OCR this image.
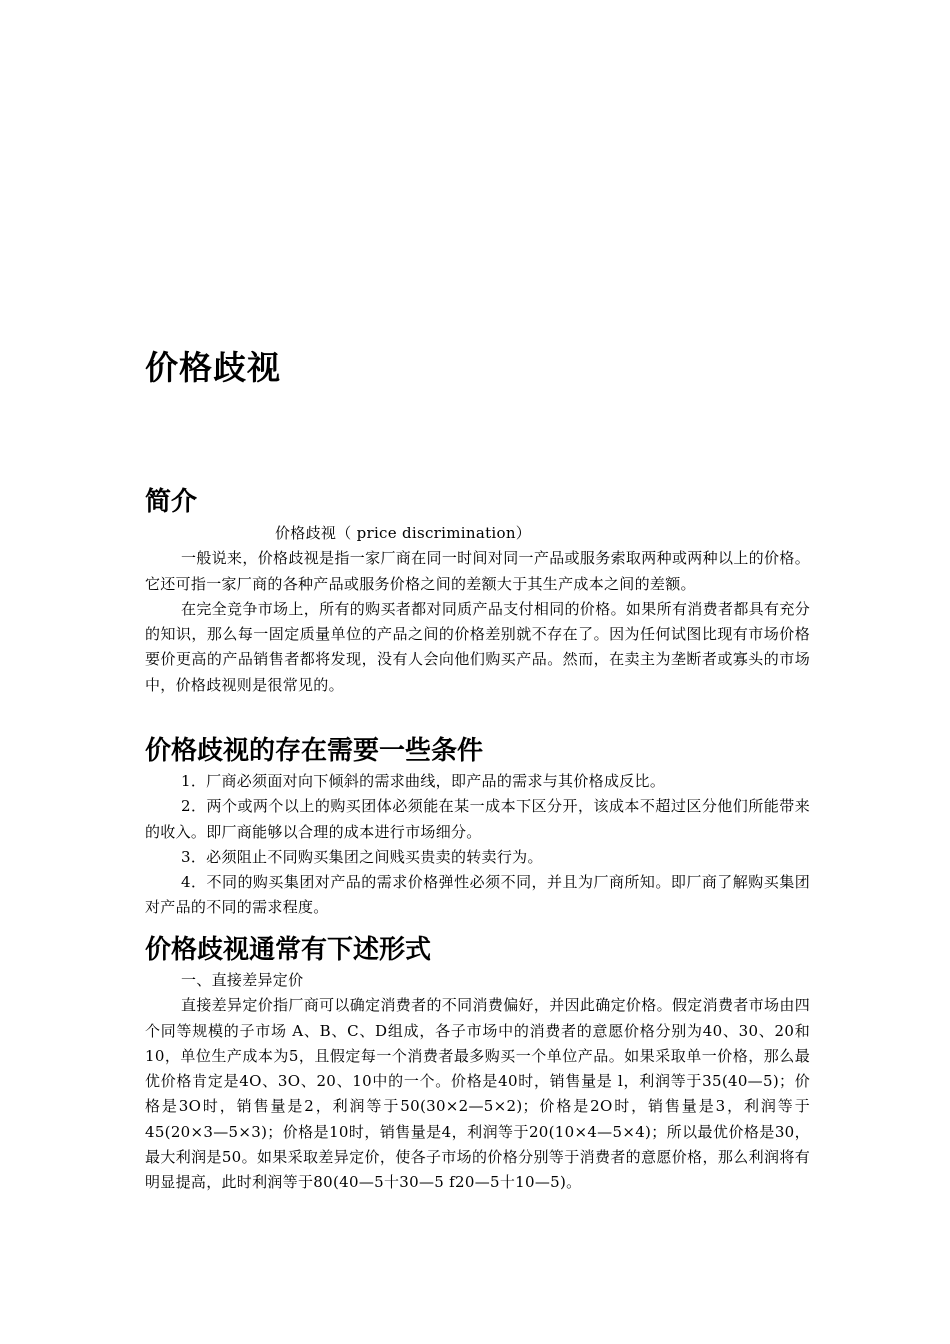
价格歧视
简介

价格歧视（ price discrimination）

一般说来，价格歧视是指一家厂商在同一时间对同一产品或服务索取两种或两种以上的价格。它还可指一家厂商的各种产品或服务价格之间的差额大于其生产成本之间的差额。

在完全竞争市场上，所有的购买者都对同质产品支付相同的价格。如果所有消费者都具有充分的知识，那么每一固定质量单位的产品之间的价格差别就不存在了。因为任何试图比现有市场价格要价更高的产品销售者都将发现，没有人会向他们购买产品。然而，在卖主为垄断者或寡头的市场中，价格歧视则是很常见的。

价格歧视的存在需要一些条件

1．厂商必须面对向下倾斜的需求曲线，即产品的需求与其价格成反比。

2．两个或两个以上的购买团体必须能在某一成本下区分开，该成本不超过区分他们所能带来的收入。即厂商能够以合理的成本进行市场细分。

3．必须阻止不同购买集团之间贱买贵卖的转卖行为。

4．不同的购买集团对产品的需求价格弹性必须不同，并且为厂商所知。即厂商了解购买集团对产品的不同的需求程度。

价格歧视通常有下述形式

一、直接差异定价

直接差异定价指厂商可以确定消费者的不同消费偏好，并因此确定价格。假定消费者市场由四个同等规模的子市场 A、B、C、D组成，各子市场中的消费者的意愿价格分别为40、30、20和10，单位生产成本为5，且假定每一个消费者最多购买一个单位产品。如果采取单一价格，那么最优价格肯定是4O、3O、20、10中的一个。价格是40时，销售量是 l，利润等于35(40—5)；价格是3O时，销售量是2，利润等于50(30×2—5×2)；价格是2O时，销售量是3，利润等于45(20×3—5×3)；价格是10时，销售量是4，利润等于20(10×4—5×4)；所以最优价格是30，最大利润是50。如果采取差异定价，使各子市场的价格分别等于消费者的意愿价格，那么利润将有明显提高，此时利润等于80(40—5十30—5 f20—5十10—5)。
